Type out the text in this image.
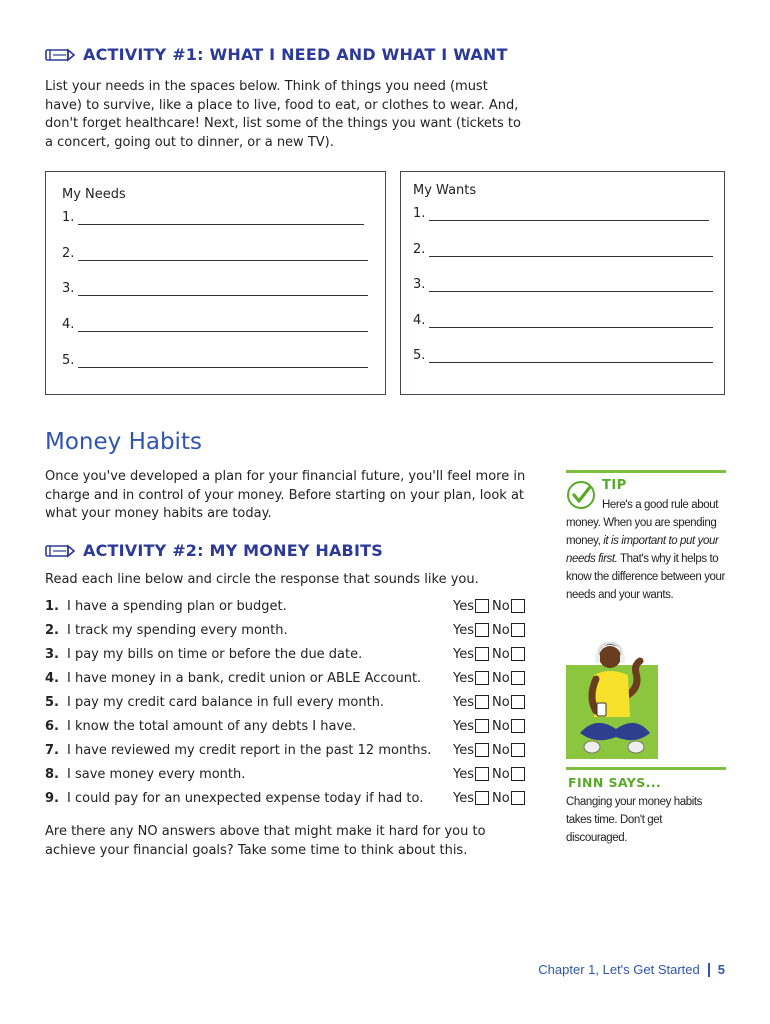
ACTIVITY #1: WHAT I NEED AND WHAT I WANT

List your needs in the spaces below. Think of things you need (must have) to survive, like a place to live, food to eat, or clothes to wear. And, don't forget healthcare! Next, list some of the things you want (tickets to a concert, going out to dinner, or a new TV).

My Needs
1.
2.
3.
4.
5.
My Wants
1.
2.
3.
4.
5.
Money Habits

Once you've developed a plan for your financial future, you'll feel more in charge and in control of your money. Before starting on your plan, look at what your money habits are today.

ACTIVITY #2: MY MONEY HABITS

Read each line below and circle the response that sounds like you.

1. I have a spending plan or budget.	Yes No
2. I track my spending every month.	Yes No
3. I pay my bills on time or before the due date.	Yes No
4. I have money in a bank, credit union or ABLE Account.	Yes No
5. I pay my credit card balance in full every month.	Yes No
6. I know the total amount of any debts I have.	Yes No
7. I have reviewed my credit report in the past 12 months.	Yes No
8. I save money every month.	Yes No
9. I could pay for an unexpected expense today if had to.	Yes No

Are there any NO answers above that might make it hard for you to achieve your financial goals? Take some time to think about this.

TIP
Here's a good rule about
money. When you are spending
money, it is important to put your
needs first. That's why it helps to
know the difference between your
needs and your wants.
FINN SAYS...
Changing your money habits takes time. Don't get discouraged.
Chapter 1, Let's Get Started 5
